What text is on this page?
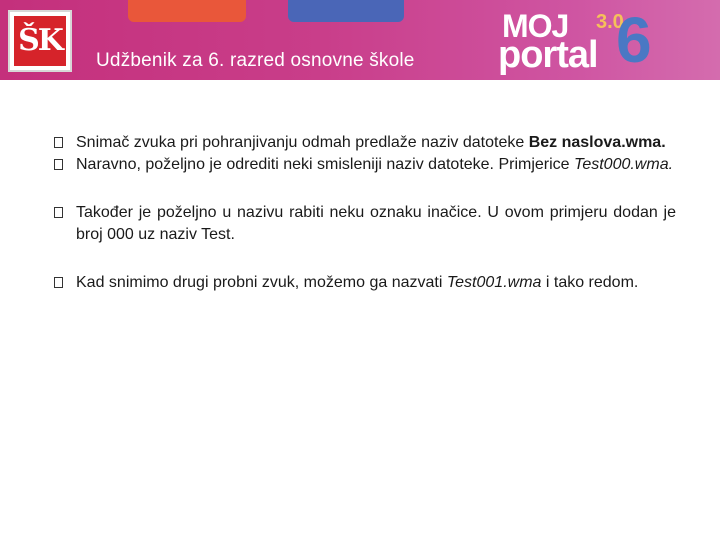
ŠK
Udžbenik za 6. razred osnovne škole
MOJ 3.0
portal 6
Snimač zvuka pri pohranjivanju odmah predlaže naziv datoteke Bez naslova.wma.
Naravno, poželjno je odrediti neki smisleniji naziv datoteke. Primjerice Test000.wma.
Također je poželjno u nazivu rabiti neku oznaku inačice. U ovom primjeru dodan je broj 000 uz naziv Test.
Kad snimimo drugi probni zvuk, možemo ga nazvati Test001.wma i tako redom.
